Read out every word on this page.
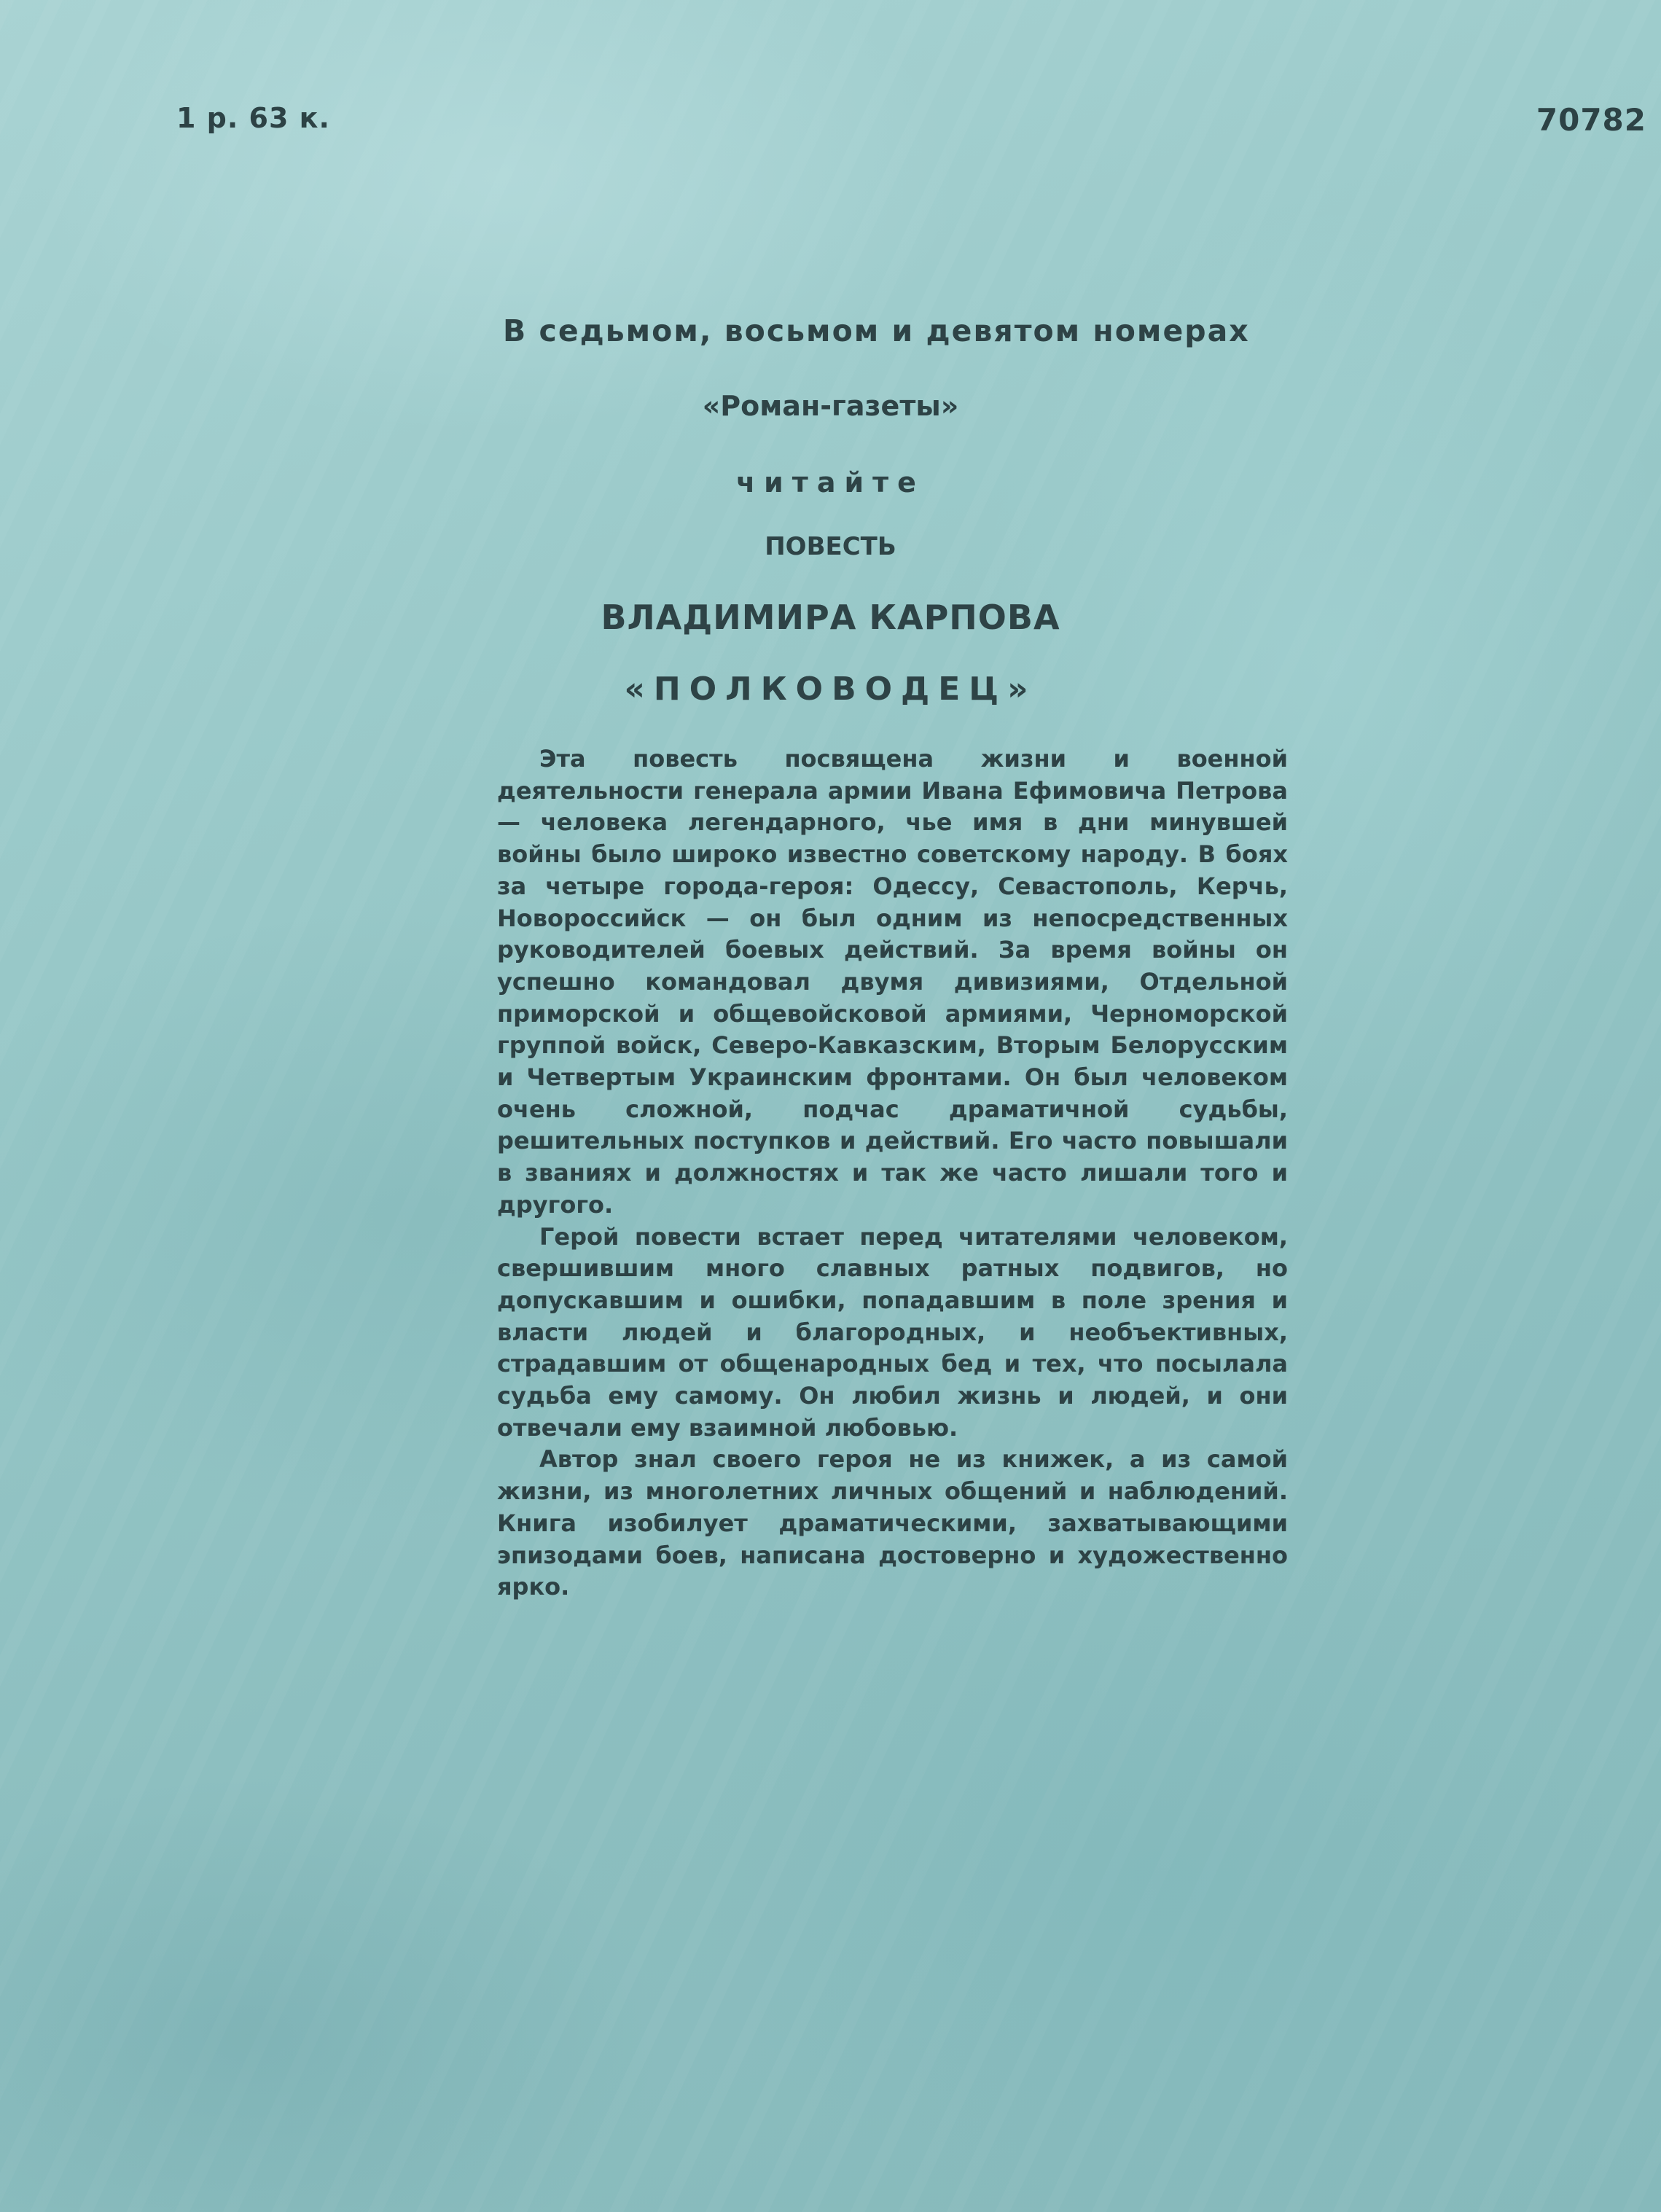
1 р. 63 к.	70782
В седьмом, восьмом и девятом номерах
«Роман-газеты»
читайте
ПОВЕСТЬ
ВЛАДИМИРА КАРПОВА
«ПОЛКОВОДЕЦ»

Эта повесть посвящена жизни и военной деятельности генерала армии Ивана Ефимовича Петрова — человека легендарного, чье имя в дни минувшей войны было широко известно советскому народу. В боях за четыре города-героя: Одессу, Севастополь, Керчь, Новороссийск — он был одним из непосредственных руководителей боевых действий. За время войны он успешно командовал двумя дивизиями, Отдельной приморской и общевойсковой армиями, Черноморской группой войск, Северо-Кавказским, Вторым Белорусским и Четвертым Украинским фронтами. Он был человеком очень сложной, подчас драматичной судьбы, решительных поступков и действий. Его часто повышали в званиях и должностях и так же часто лишали того и другого.

Герой повести встает перед читателями человеком, свершившим много славных ратных подвигов, но допускавшим и ошибки, попадавшим в поле зрения и власти людей и благородных, и необъективных, страдавшим от общенародных бед и тех, что посылала судьба ему самому. Он любил жизнь и людей, и они отвечали ему взаимной любовью.

Автор знал своего героя не из книжек, а из самой жизни, из многолетних личных общений и наблюдений. Книга изобилует драматическими, захватывающими эпизодами боев, написана достоверно и художественно ярко.
